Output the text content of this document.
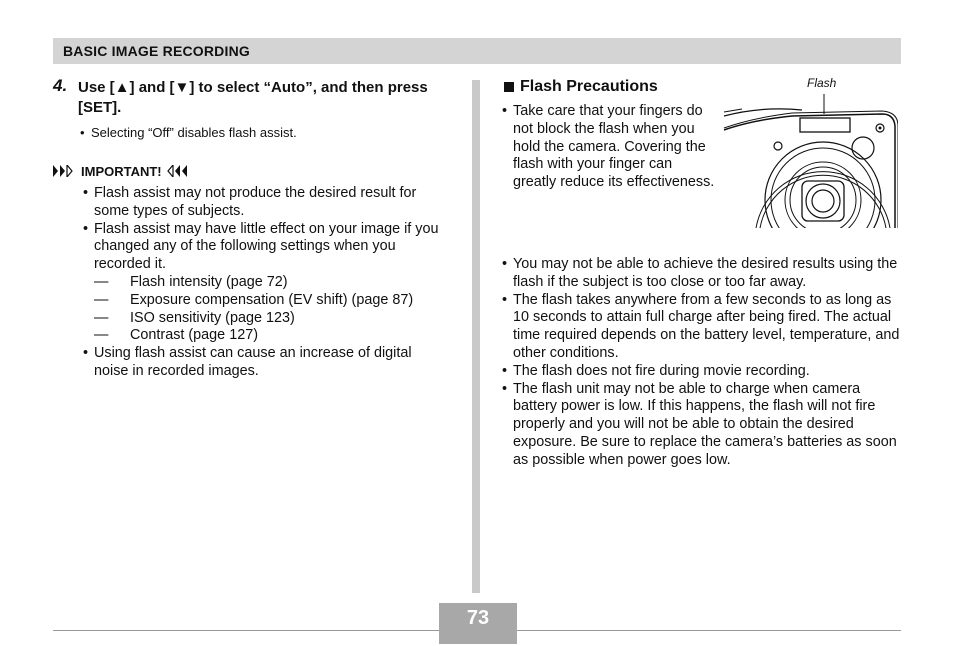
BASIC IMAGE RECORDING
4. Use [▲] and [▼] to select “Auto”, and then press [SET].
• Selecting “Off” disables flash assist.
IMPORTANT!
• Flash assist may not produce the desired result for some types of subjects.
• Flash assist may have little effect on your image if you changed any of the following settings when you recorded it.
— Flash intensity (page 72)
— Exposure compensation (EV shift) (page 87)
— ISO sensitivity (page 123)
— Contrast (page 127)
• Using flash assist can cause an increase of digital noise in recorded images.
Flash Precautions
• Take care that your fingers do not block the flash when you hold the camera. Covering the flash with your finger can greatly reduce its effectiveness.
Flash
• You may not be able to achieve the desired results using the flash if the subject is too close or too far away.
• The flash takes anywhere from a few seconds to as long as 10 seconds to attain full charge after being fired. The actual time required depends on the battery level, temperature, and other conditions.
• The flash does not fire during movie recording.
• The flash unit may not be able to charge when camera battery power is low. If this happens, the flash will not fire properly and you will not be able to obtain the desired exposure. Be sure to replace the camera’s batteries as soon as possible when power goes low.
73
